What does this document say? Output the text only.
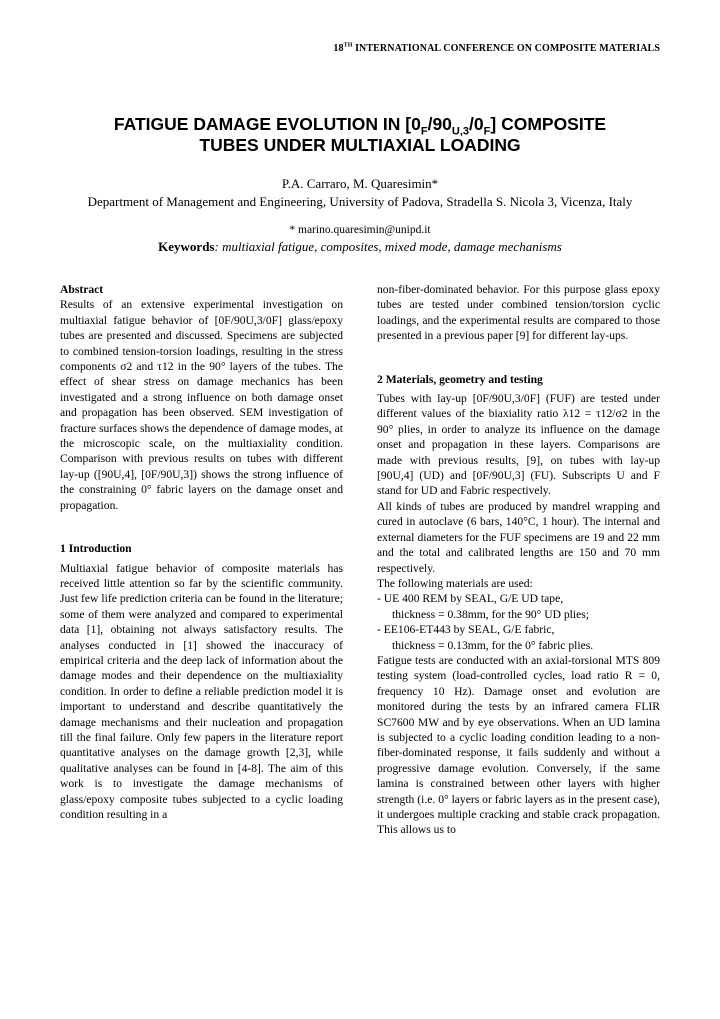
18TH INTERNATIONAL CONFERENCE ON COMPOSITE MATERIALS
FATIGUE DAMAGE EVOLUTION IN $[0_F/90_{U,3}/0_F]$ COMPOSITE
TUBES UNDER MULTIAXIAL LOADING
P.A. Carraro, M. Quaresimin*
Department of Management and Engineering, University of Padova, Stradella S. Nicola 3, Vicenza, Italy
* marino.quaresimin@unipd.it
Keywords: multiaxial fatigue, composites, mixed mode, damage mechanisms

Abstract

Results of an extensive experimental investigation on multiaxial fatigue behavior of [0F/90U,3/0F] glass/epoxy tubes are presented and discussed. Specimens are subjected to combined tension-torsion loadings, resulting in the stress components σ2 and τ12 in the 90° layers of the tubes. The effect of shear stress on damage mechanics has been investigated and a strong influence on both damage onset and propagation has been observed. SEM investigation of fracture surfaces shows the dependence of damage modes, at the microscopic scale, on the multiaxiality condition. Comparison with previous results on tubes with different lay-up ([90U,4], [0F/90U,3]) shows the strong influence of the constraining 0° fabric layers on the damage onset and propagation.

1 Introduction

Multiaxial fatigue behavior of composite materials has received little attention so far by the scientific community. Just few life prediction criteria can be found in the literature; some of them were analyzed and compared to experimental data [1], obtaining not always satisfactory results. The analyses conducted in [1] showed the inaccuracy of empirical criteria and the deep lack of information about the damage modes and their dependence on the multiaxiality condition. In order to define a reliable prediction model it is important to understand and describe quantitatively the damage mechanisms and their nucleation and propagation till the final failure. Only few papers in the literature report quantitative analyses on the damage growth [2,3], while qualitative analyses can be found in [4-8]. The aim of this work is to investigate the damage mechanisms of glass/epoxy composite tubes subjected to a cyclic loading condition resulting in a

non-fiber-dominated behavior. For this purpose glass epoxy tubes are tested under combined tension/torsion cyclic loadings, and the experimental results are compared to those presented in a previous paper [9] for different lay-ups.

2 Materials, geometry and testing

Tubes with lay-up [0F/90U,3/0F] (FUF) are tested under different values of the biaxiality ratio λ12 = τ12/σ2 in the 90° plies, in order to analyze its influence on the damage onset and propagation in these layers. Comparisons are made with previous results, [9], on tubes with lay-up [90U,4] (UD) and [0F/90U,3] (FU). Subscripts U and F stand for UD and Fabric respectively.

All kinds of tubes are produced by mandrel wrapping and cured in autoclave (6 bars, 140°C, 1 hour). The internal and external diameters for the FUF specimens are 19 and 22 mm and the total and calibrated lengths are 150 and 70 mm respectively.

The following materials are used:

- UE 400 REM by SEAL, G/E UD tape,

thickness = 0.38mm, for the 90° UD plies;

- EE106-ET443 by SEAL, G/E fabric,

thickness = 0.13mm, for the 0° fabric plies.

Fatigue tests are conducted with an axial-torsional MTS 809 testing system (load-controlled cycles, load ratio R = 0, frequency 10 Hz). Damage onset and evolution are monitored during the tests by an infrared camera FLIR SC7600 MW and by eye observations. When an UD lamina is subjected to a cyclic loading condition leading to a non-fiber-dominated response, it fails suddenly and without a progressive damage evolution. Conversely, if the same lamina is constrained between other layers with higher strength (i.e. 0° layers or fabric layers as in the present case), it undergoes multiple cracking and stable crack propagation. This allows us to
